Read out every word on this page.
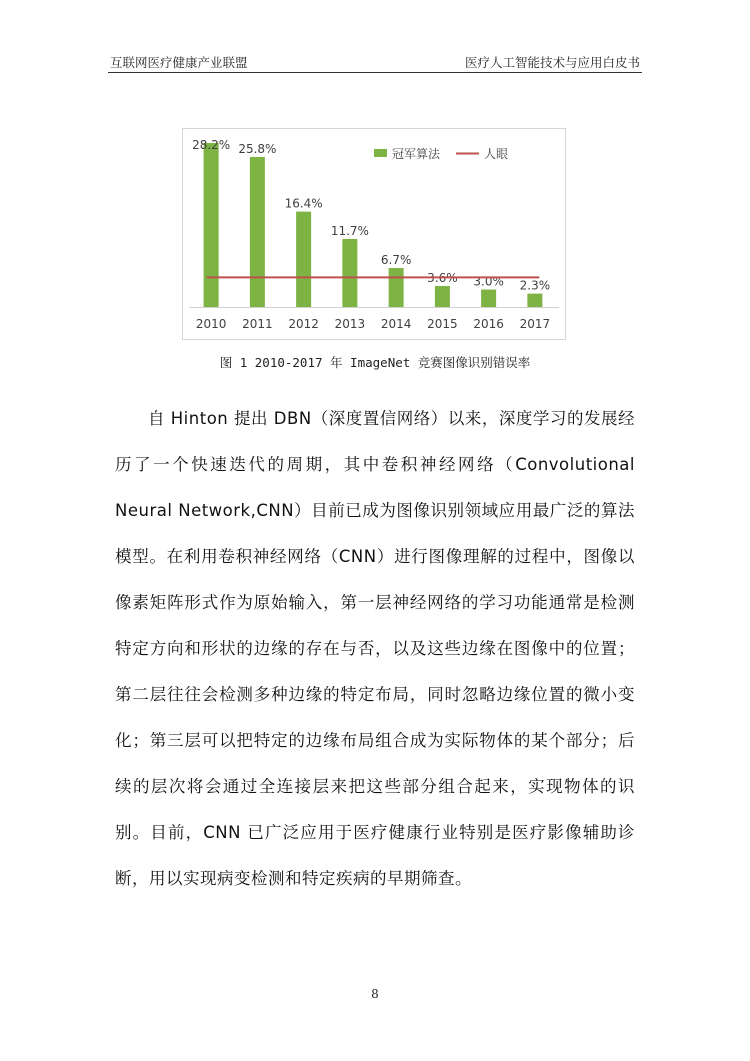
互联网医疗健康产业联盟	医疗人工智能技术与应用白皮书
28.2% 25.8%
16.4%
11.7%
6.7%
3.6% 3.0% 2.3%
2010 2011 2012 2013 2014 2015 2016 2017
冠军算法	人眼
图 1 2010-2017 年 ImageNet 竞赛图像识别错误率
自 Hinton 提出 DBN（深度置信网络）以来，深度学习的发展经历了一个快速迭代的周期，其中卷积神经网络（Convolutional Neural Network,CNN）目前已成为图像识别领域应用最广泛的算法模型。在利用卷积神经网络（CNN）进行图像理解的过程中，图像以像素矩阵形式作为原始输入，第一层神经网络的学习功能通常是检测特定方向和形状的边缘的存在与否，以及这些边缘在图像中的位置；第二层往往会检测多种边缘的特定布局，同时忽略边缘位置的微小变化；第三层可以把特定的边缘布局组合成为实际物体的某个部分；后续的层次将会通过全连接层来把这些部分组合起来，实现物体的识别。目前，CNN 已广泛应用于医疗健康行业特别是医疗影像辅助诊断，用以实现病变检测和特定疾病的早期筛查。
8
